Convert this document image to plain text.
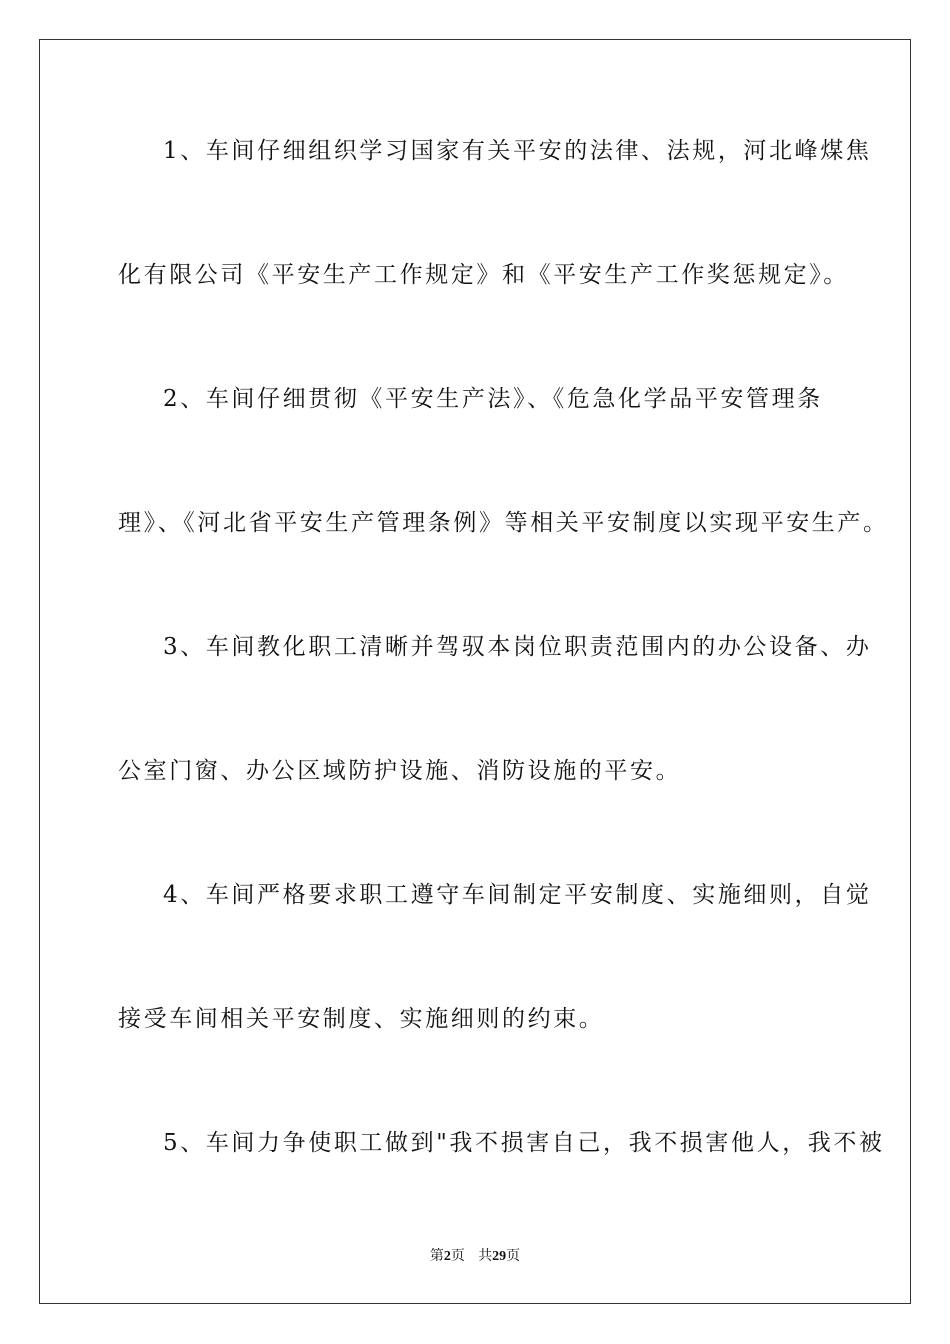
1、车间仔细组织学习国家有关平安的法律、法规，河北峰煤焦
化有限公司《平安生产工作规定》和《平安生产工作奖惩规定》。
2、车间仔细贯彻《平安生产法》、《危急化学品平安管理条
理》、《河北省平安生产管理条例》等相关平安制度以实现平安生产。
3、车间教化职工清晰并驾驭本岗位职责范围内的办公设备、办
公室门窗、办公区域防护设施、消防设施的平安。
4、车间严格要求职工遵守车间制定平安制度、实施细则，自觉
接受车间相关平安制度、实施细则的约束。
5、车间力争使职工做到"我不损害自己，我不损害他人，我不被
第2页 共29页
